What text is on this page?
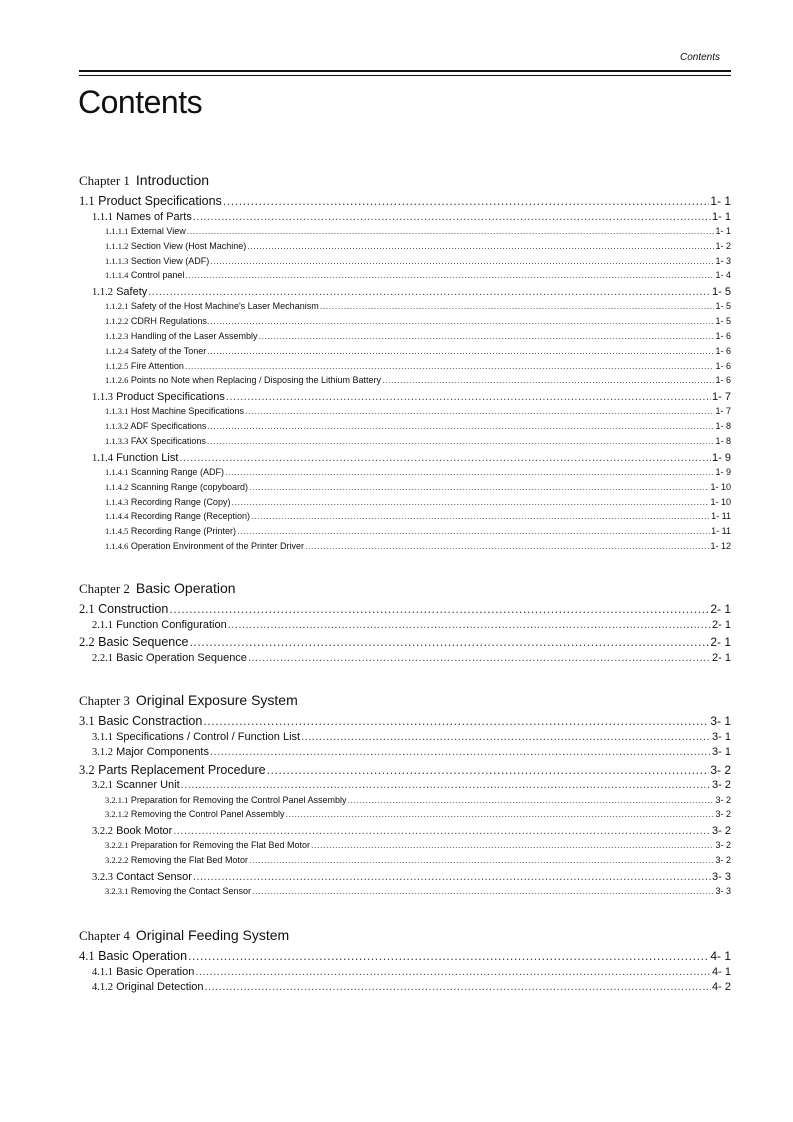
Contents
Contents
Chapter 1 Introduction
1.1 Product Specifications .....	1- 1
1.1.1 Names of Parts .....	1- 1
1.1.1.1 External View .....	1- 1
1.1.1.2 Section View (Host Machine) .....	1- 2
1.1.1.3 Section View (ADF) .....	1- 3
1.1.1.4 Control panel .....	1- 4
1.1.2 Safety .....	1- 5
1.1.2.1 Safety of the Host Machine's Laser Mechanism .....	1- 5
1.1.2.2 CDRH Regulations. .....	1- 5
1.1.2.3 Handling of the Laser Assembly .....	1- 6
1.1.2.4 Safety of the Toner .....	1- 6
1.1.2.5 Fire Attention .....	1- 6
1.1.2.6 Points no Note when Replacing / Disposing the Lithium Battery .....	1- 6
1.1.3 Product Specifications .....	1- 7
1.1.3.1 Host Machine Specifications .....	1- 7
1.1.3.2 ADF Specifications .....	1- 8
1.1.3.3 FAX Specifications .....	1- 8
1.1.4 Function List .....	1- 9
1.1.4.1 Scanning Range (ADF) .....	1- 9
1.1.4.2 Scanning Range (copyboard) .....	1- 10
1.1.4.3 Recording Range (Copy) .....	1- 10
1.1.4.4 Recording Range (Reception) .....	1- 11
1.1.4.5 Recording Range (Printer) .....	1- 11
1.1.4.6 Operation Environment of the Printer Driver .....	1- 12
Chapter 2 Basic Operation
2.1 Construction .....	2- 1
2.1.1 Function Configuration .....	2- 1
2.2 Basic Sequence .....	2- 1
2.2.1 Basic Operation Sequence .....	2- 1
Chapter 3 Original Exposure System
3.1 Basic Constraction .....	3- 1
3.1.1 Specifications / Control / Function List .....	3- 1
3.1.2 Major Components .....	3- 1
3.2 Parts Replacement Procedure .....	3- 2
3.2.1 Scanner Unit .....	3- 2
3.2.1.1 Preparation for Removing the Control Panel Assembly .....	3- 2
3.2.1.2 Removing the Control Panel Assembly .....	3- 2
3.2.2 Book Motor .....	3- 2
3.2.2.1 Preparation for Removing the Flat Bed Motor .....	3- 2
3.2.2.2 Removing the Flat Bed Motor .....	3- 2
3.2.3 Contact Sensor .....	3- 3
3.2.3.1 Removing the Contact Sensor .....	3- 3
Chapter 4 Original Feeding System
4.1 Basic Operation .....	4- 1
4.1.1 Basic Operation .....	4- 1
4.1.2 Original Detection .....	4- 2
